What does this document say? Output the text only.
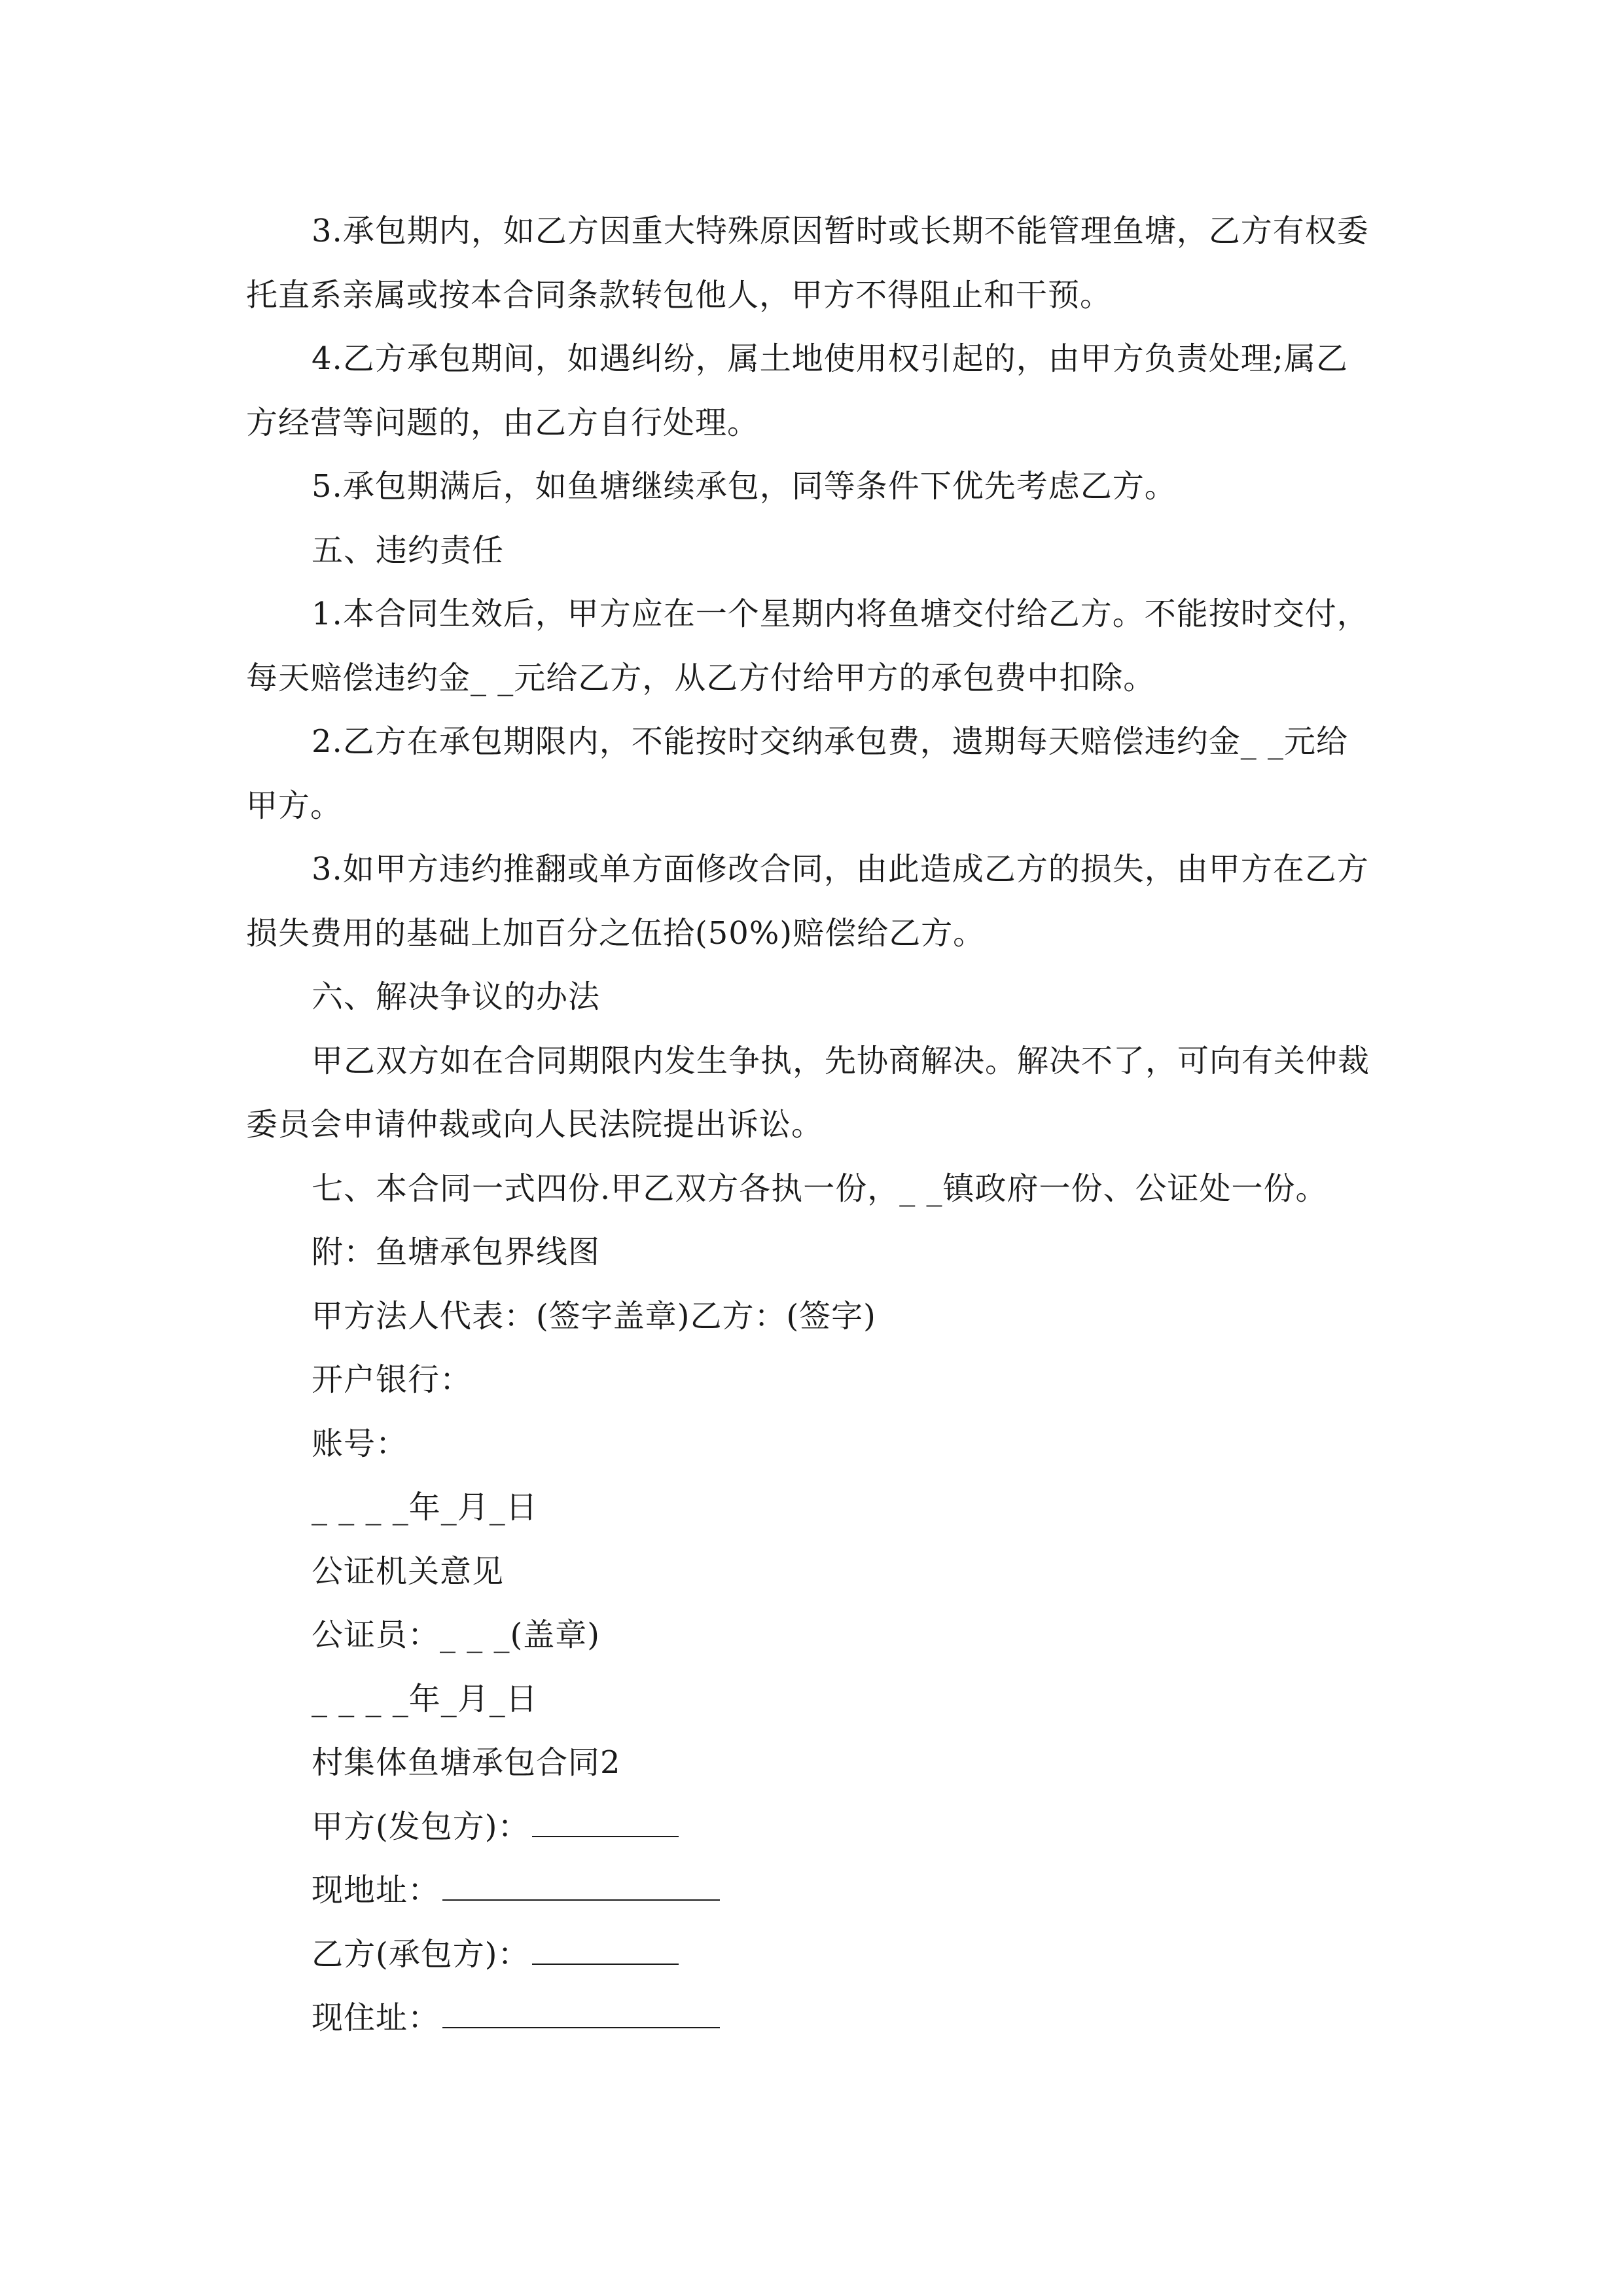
3.承包期内，如乙方因重大特殊原因暂时或长期不能管理鱼塘，乙方有权委
托直系亲属或按本合同条款转包他人，甲方不得阻止和干预。
4.乙方承包期间，如遇纠纷，属土地使用权引起的，由甲方负责处理;属乙
方经营等问题的，由乙方自行处理。
5.承包期满后，如鱼塘继续承包，同等条件下优先考虑乙方。
五、违约责任
1.本合同生效后，甲方应在一个星期内将鱼塘交付给乙方。不能按时交付，
每天赔偿违约金_ _元给乙方，从乙方付给甲方的承包费中扣除。
2.乙方在承包期限内，不能按时交纳承包费，遗期每天赔偿违约金_ _元给
甲方。
3.如甲方违约推翻或单方面修改合同，由此造成乙方的损失，由甲方在乙方
损失费用的基础上加百分之伍拾(50%)赔偿给乙方。
六、解决争议的办法
甲乙双方如在合同期限内发生争执，先协商解决。解决不了，可向有关仲裁
委员会申请仲裁或向人民法院提出诉讼。
七、本合同一式四份.甲乙双方各执一份，_ _镇政府一份、公证处一份。
附：鱼塘承包界线图
甲方法人代表：(签字盖章)乙方：(签字)
开户银行：
账号：
_ _ _ _年_月_日
公证机关意见
公证员：_ _ _(盖章)
_ _ _ _年_月_日
村集体鱼塘承包合同2
甲方(发包方)：
现地址：
乙方(承包方)：
现住址：
